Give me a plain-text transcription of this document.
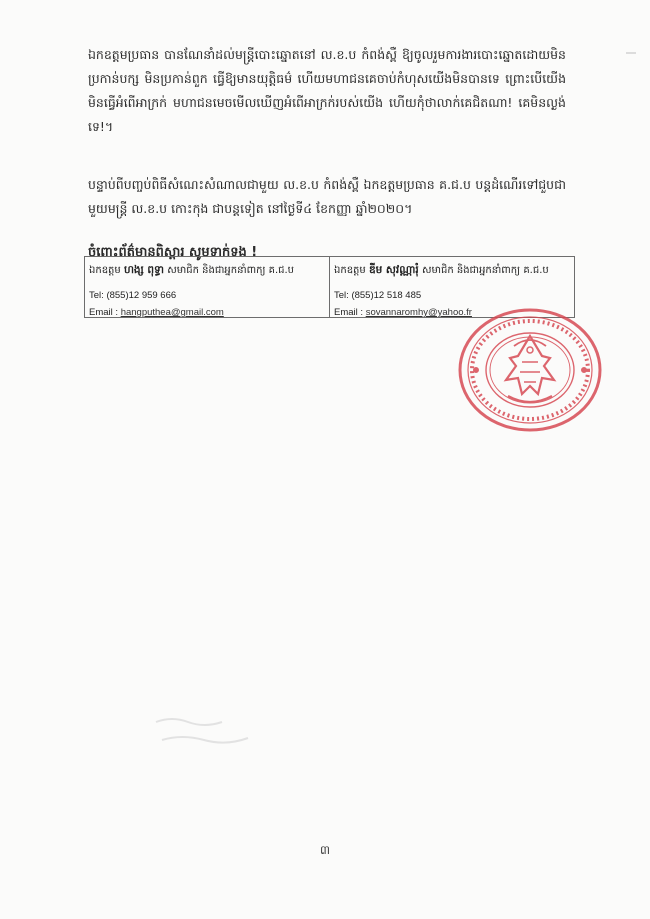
ឯកឧត្តមប្រធាន បានណែនាំដល់មន្ត្រីបោះឆ្នោតនៅ ល.ខ.ប កំពង់ស្ពឺ ឱ្យចូលរួមការងារបោះឆ្នោតដោយមិនប្រកាន់បក្ស មិនប្រកាន់ពួក ធ្វើឱ្យមានយុត្តិធម៌ ហើយមហាជនគេចាប់កំហុសយើងមិនបានទេ ព្រោះបើយើងមិនធ្វើអំពើអាក្រក់ មហាជនមេចមើលឃើញអំពើអាក្រក់របស់យើង ហើយកុំថាលាក់គេជិតណា! គេមិនល្ងង់ទេ!។

បន្ទាប់ពីបញ្ចប់ពិធីសំណេះសំណាលជាមួយ ល.ខ.ប កំពង់ស្ពឺ ឯកឧត្តមប្រធាន គ.ជ.ប បន្តដំណើរទៅជួបជាមួយមន្ត្រី ល.ខ.ប កោះកុង ជាបន្តទៀត នៅថ្ងៃទី៤ ខែកញ្ញា ឆ្នាំ២០២០។

ចំពោះព័ត៌មានពិស្តារ សូមទាក់ទង !

ឯកឧត្តម ហង្ស ពុទ្ធា សមាជិក និងជាអ្នកនាំពាក្យ គ.ជ.ប
Tel: (855)12 959 666
Email : hangputhea@gmail.com
ឯកឧត្តម ឌីម សុវណ្ណារុំ សមាជិក និងជាអ្នកនាំពាក្យ គ.ជ.ប
Tel: (855)12 518 485
Email : sovannaromhy@yahoo.fr
៣
